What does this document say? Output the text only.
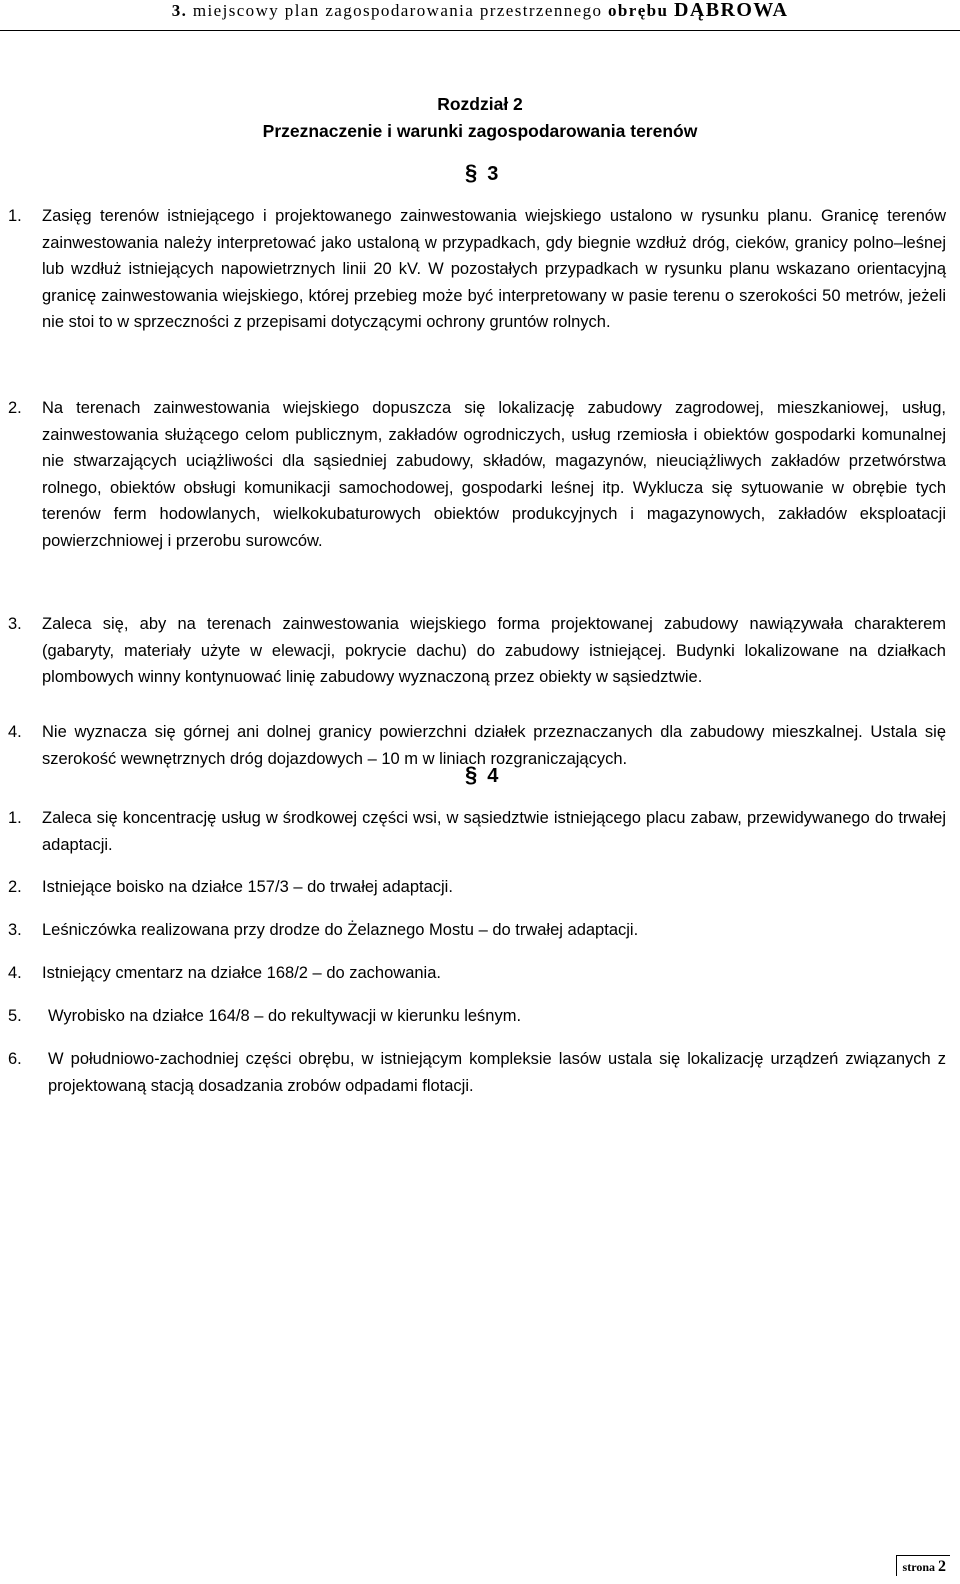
3. miejscowy plan zagospodarowania przestrzennego obrębu DĄBROWA
Rozdział 2
Przeznaczenie i warunki zagospodarowania terenów
§ 3
1. Zasięg terenów istniejącego i projektowanego zainwestowania wiejskiego ustalono w rysunku planu. Granicę terenów zainwestowania należy interpretować jako ustaloną w przypadkach, gdy biegnie wzdłuż dróg, cieków, granicy polno–leśnej lub wzdłuż istniejących napowietrznych linii 20 kV. W pozostałych przypadkach w rysunku planu wskazano orientacyjną granicę zainwestowania wiejskiego, której przebieg może być interpretowany w pasie terenu o szerokości 50 metrów, jeżeli nie stoi to w sprzeczności z przepisami dotyczącymi ochrony gruntów rolnych.
2. Na terenach zainwestowania wiejskiego dopuszcza się lokalizację zabudowy zagrodowej, mieszkaniowej, usług, zainwestowania służącego celom publicznym, zakładów ogrodniczych, usług rzemiosła i obiektów gospodarki komunalnej nie stwarzających uciążliwości dla sąsiedniej zabudowy, składów, magazynów, nieuciążliwych zakładów przetwórstwa rolnego, obiektów obsługi komunikacji samochodowej, gospodarki leśnej itp. Wyklucza się sytuowanie w obrębie tych terenów ferm hodowlanych, wielkokubaturowych obiektów produkcyjnych i magazynowych, zakładów eksploatacji powierzchniowej i przerobu surowców.
3. Zaleca się, aby na terenach zainwestowania wiejskiego forma projektowanej zabudowy nawiązywała charakterem (gabaryty, materiały użyte w elewacji, pokrycie dachu) do zabudowy istniejącej. Budynki lokalizowane na działkach plombowych winny kontynuować linię zabudowy wyznaczoną przez obiekty w sąsiedztwie.
4. Nie wyznacza się górnej ani dolnej granicy powierzchni działek przeznaczanych dla zabudowy mieszkalnej. Ustala się szerokość wewnętrznych dróg dojazdowych – 10 m w liniach rozgraniczających.
§ 4
1. Zaleca się koncentrację usług w środkowej części wsi, w sąsiedztwie istniejącego placu zabaw, przewidywanego do trwałej adaptacji.
2. Istniejące boisko na działce 157/3 – do trwałej adaptacji.
3. Leśniczówka realizowana przy drodze do Żelaznego Mostu – do trwałej adaptacji.
4. Istniejący cmentarz na działce 168/2 – do zachowania.
5. Wyrobisko na działce 164/8 – do rekultywacji w kierunku leśnym.
6. W południowo-zachodniej części obrębu, w istniejącym kompleksie lasów ustala się lokalizację urządzeń związanych z projektowaną stacją dosadzania zrobów odpadami flotacji.
strona 2
